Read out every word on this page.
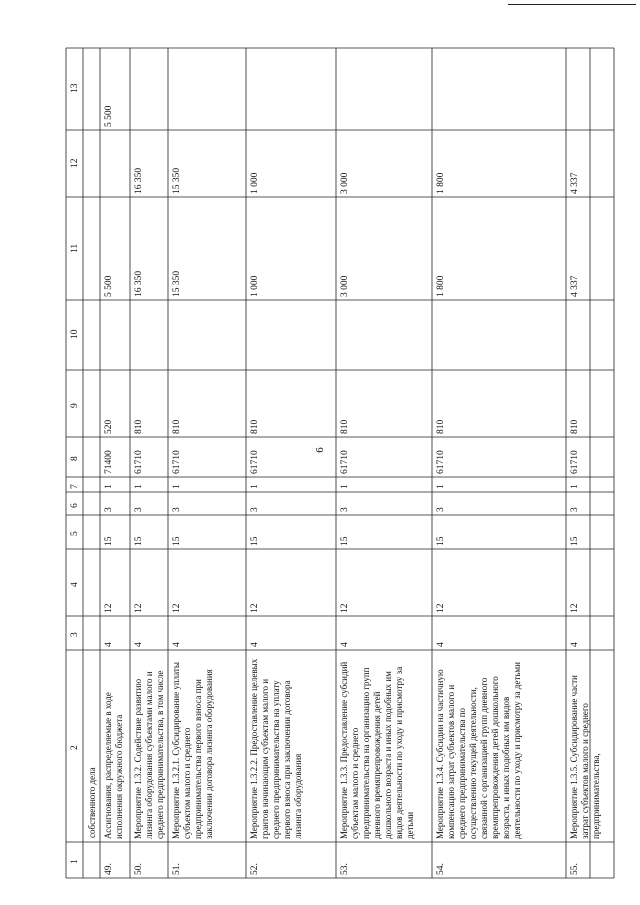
6
1
2
3
4
5
6
7
8
9
10
11
12
13
собственного дела
49.
Ассигнования, распределяемые в ходе исполнения окружного бюджета
4
12
15
3
1
71400
520
5 500
5 500
50.
Мероприятие 1.3.2. Содействие развитию лизинга оборудования субъектами малого и среднего предпринимательства, в том числе
4
12
15
3
1
61710
810
16 350
16 350
51.
Мероприятие 1.3.2.1. Субсидирование уплаты субъектом малого и среднего предпринимательства первого взноса при заключении договора лизинга оборудования
4
12
15
3
1
61710
810
15 350
15 350
52.
Мероприятие 1.3.2.2. Предоставление целевых грантов начинающим субъектам малого и среднего предпринимательства на уплату первого взноса при заключении договора лизинга оборудования
4
12
15
3
1
61710
810
1 000
1 000
53.
Мероприятие 1.3.3. Предоставление субсидий субъектам малого и среднего предпринимательства на организацию групп дневного времяпрепровождения детей дошкольного возраста и иных подобных им видов деятельности по уходу и присмотру за детьми
4
12
15
3
1
61710
810
3 000
3 000
54.
Мероприятие 1.3.4. Субсидии на частичную компенсацию затрат субъектов малого и среднего предпринимательства по осуществлению текущей деятельности, связанной с организацией групп дневного времяпрепровождения детей дошкольного возраста, и иных подобных им видов деятельности по уходу и присмотру за детьми
4
12
15
3
1
61710
810
1 800
1 800
55.
Мероприятие 1.3.5. Субсидирование части затрат субъектов малого и среднего предпринимательства,
4
12
15
3
1
61710
810
4 337
4 337
